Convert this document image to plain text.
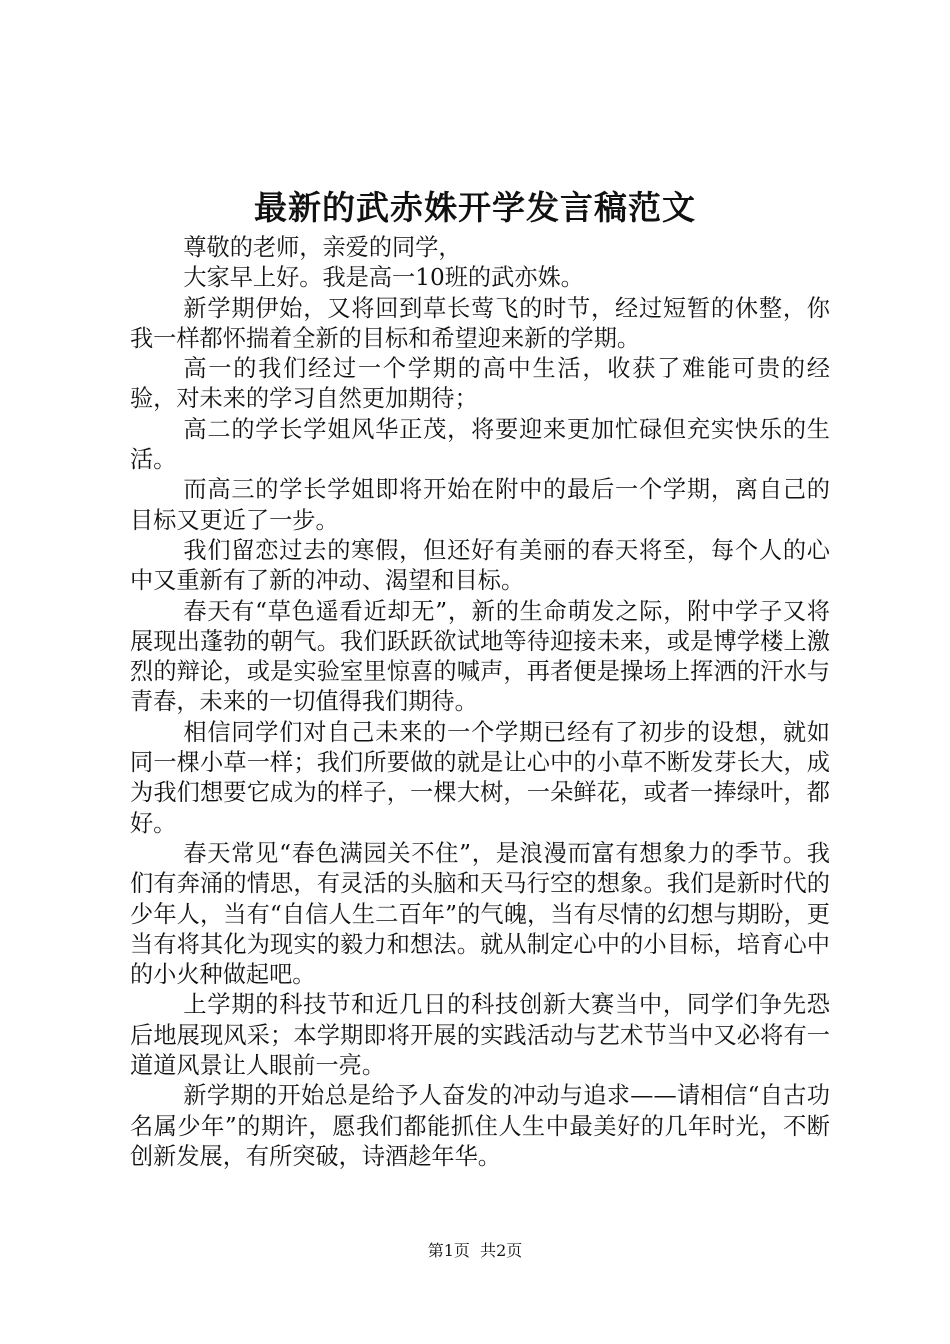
最新的武赤姝开学发言稿范文

尊敬的老师，亲爱的同学，

大家早上好。我是高一10班的武亦姝。

新学期伊始，又将回到草长莺飞的时节，经过短暂的休整，你我一样都怀揣着全新的目标和希望迎来新的学期。

高一的我们经过一个学期的高中生活，收获了难能可贵的经验，对未来的学习自然更加期待；

高二的学长学姐风华正茂，将要迎来更加忙碌但充实快乐的生活。

而高三的学长学姐即将开始在附中的最后一个学期，离自己的目标又更近了一步。

我们留恋过去的寒假，但还好有美丽的春天将至，每个人的心中又重新有了新的冲动、渴望和目标。

春天有“草色遥看近却无”，新的生命萌发之际，附中学子又将展现出蓬勃的朝气。我们跃跃欲试地等待迎接未来，或是博学楼上激烈的辩论，或是实验室里惊喜的喊声，再者便是操场上挥洒的汗水与青春，未来的一切值得我们期待。

相信同学们对自己未来的一个学期已经有了初步的设想，就如同一棵小草一样；我们所要做的就是让心中的小草不断发芽长大，成为我们想要它成为的样子，一棵大树，一朵鲜花，或者一捧绿叶，都好。

春天常见“春色满园关不住”，是浪漫而富有想象力的季节。我们有奔涌的情思，有灵活的头脑和天马行空的想象。我们是新时代的少年人，当有“自信人生二百年”的气魄，当有尽情的幻想与期盼，更当有将其化为现实的毅力和想法。就从制定心中的小目标，培育心中的小火种做起吧。

上学期的科技节和近几日的科技创新大赛当中，同学们争先恐后地展现风采；本学期即将开展的实践活动与艺术节当中又必将有一道道风景让人眼前一亮。

新学期的开始总是给予人奋发的冲动与追求——请相信“自古功名属少年”的期许，愿我们都能抓住人生中最美好的几年时光，不断创新发展，有所突破，诗酒趁年华。

第1页 共2页
